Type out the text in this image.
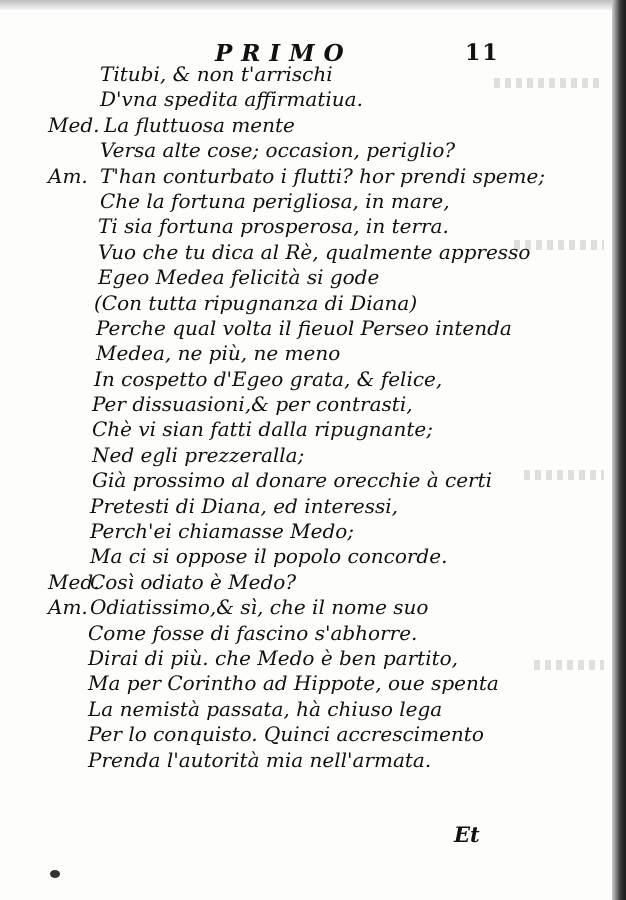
PRIMO	11
Titubi, & non t'arrischi
D'vna spedita affirmatiua.
Med. La fluttuosa mente
Versa alte cose; occasion, periglio?
Am. T'han conturbato i flutti? hor prendi speme;
Che la fortuna perigliosa, in mare,
Ti sia fortuna prosperosa, in terra.
Vuo che tu dica al Rè, qualmente appresso
Egeo Medea felicità si gode
(Con tutta ripugnanza di Diana)
Perche qual volta il fieuol Perseo intenda
Medea, ne più, ne meno
In cospetto d'Egeo grata, & felice,
Per dissuasioni,& per contrasti,
Chè vi sian fatti dalla ripugnante;
Ned egli prezzeralla;
Già prossimo al donare orecchie à certi
Pretesti di Diana, ed interessi,
Perch'ei chiamasse Medo;
Ma ci si oppose il popolo concorde.
Med.
Così odiato è Medo?
Am. Odiatissimo,& sì, che il nome suo
Come fosse di fascino s'abhorre.
Dirai di più. che Medo è ben partito,
Ma per Corintho ad Hippote, oue spenta
La nemistà passata, hà chiuso lega
Per lo conquisto. Quinci accrescimento
Prenda l'autorità mia nell'armata.
Et
